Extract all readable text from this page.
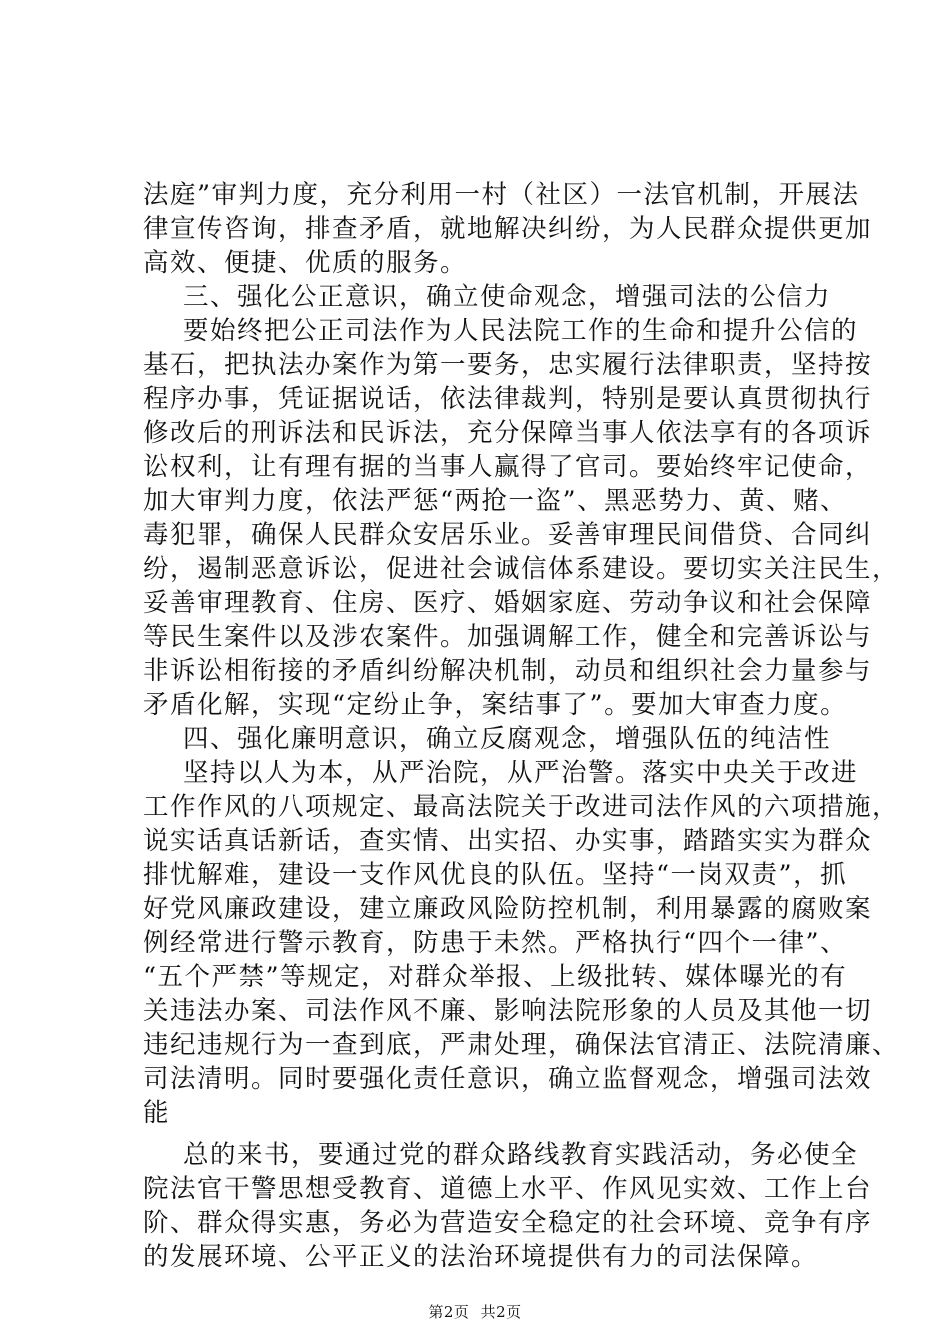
法庭”审判力度，充分利用一村（社区）一法官机制，开展法
律宣传咨询，排查矛盾，就地解决纠纷，为人民群众提供更加
高效、便捷、优质的服务。
三、强化公正意识，确立使命观念，增强司法的公信力
要始终把公正司法作为人民法院工作的生命和提升公信的
基石，把执法办案作为第一要务，忠实履行法律职责，坚持按
程序办事，凭证据说话，依法律裁判，特别是要认真贯彻执行
修改后的刑诉法和民诉法，充分保障当事人依法享有的各项诉
讼权利，让有理有据的当事人赢得了官司。要始终牢记使命，
加大审判力度，依法严惩“两抢一盗”、黑恶势力、黄、赌、
毒犯罪，确保人民群众安居乐业。妥善审理民间借贷、合同纠
纷，遏制恶意诉讼，促进社会诚信体系建设。要切实关注民生，
妥善审理教育、住房、医疗、婚姻家庭、劳动争议和社会保障
等民生案件以及涉农案件。加强调解工作，健全和完善诉讼与
非诉讼相衔接的矛盾纠纷解决机制，动员和组织社会力量参与
矛盾化解，实现“定纷止争，案结事了”。要加大审查力度。
四、强化廉明意识，确立反腐观念，增强队伍的纯洁性
坚持以人为本，从严治院，从严治警。落实中央关于改进
工作作风的八项规定、最高法院关于改进司法作风的六项措施，
说实话真话新话，查实情、出实招、办实事，踏踏实实为群众
排忧解难，建设一支作风优良的队伍。坚持“一岗双责”，抓
好党风廉政建设，建立廉政风险防控机制，利用暴露的腐败案
例经常进行警示教育，防患于未然。严格执行“四个一律”、
“五个严禁”等规定，对群众举报、上级批转、媒体曝光的有
关违法办案、司法作风不廉、影响法院形象的人员及其他一切
违纪违规行为一查到底，严肃处理，确保法官清正、法院清廉、
司法清明。同时要强化责任意识，确立监督观念，增强司法效
能
总的来书，要通过党的群众路线教育实践活动，务必使全
院法官干警思想受教育、道德上水平、作风见实效、工作上台
阶、群众得实惠，务必为营造安全稳定的社会环境、竞争有序
的发展环境、公平正义的法治环境提供有力的司法保障。
第2页 共2页
